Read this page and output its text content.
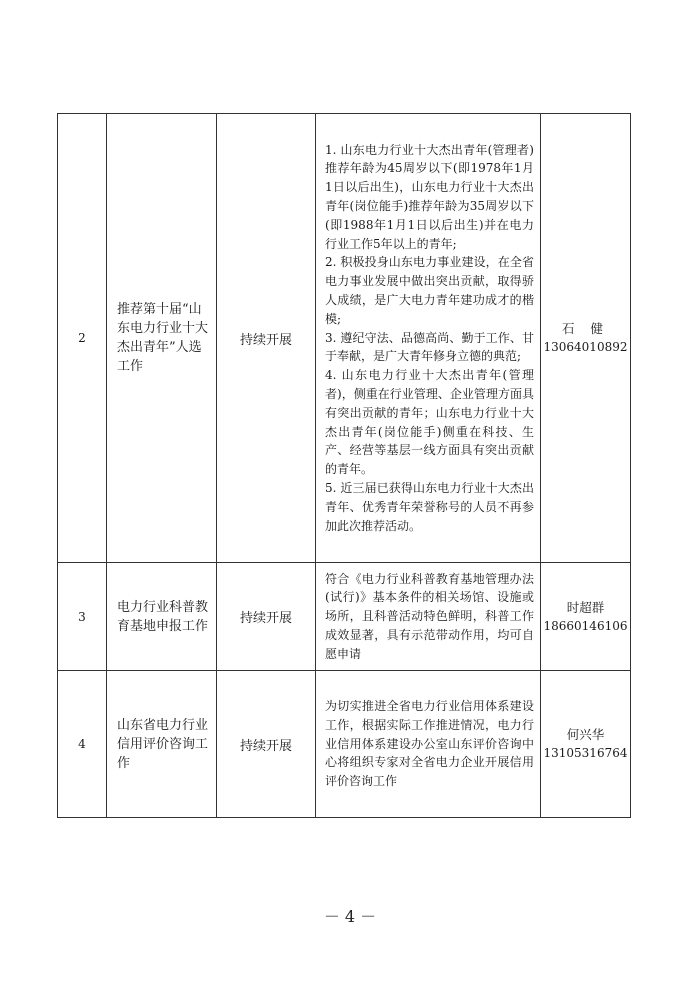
2	推荐第十届“山东电力行业十大杰出青年”人选工作	持续开展	1. 山东电力行业十大杰出青年(管理者)推荐年龄为45周岁以下(即1978年1月1日以后出生)，山东电力行业十大杰出青年(岗位能手)推荐年龄为35周岁以下(即1988年1月1日以后出生)并在电力行业工作5年以上的青年;
2. 积极投身山东电力事业建设，在全省电力事业发展中做出突出贡献，取得骄人成绩，是广大电力青年建功成才的楷模;
3. 遵纪守法、品德高尚、勤于工作、甘于奉献，是广大青年修身立德的典范;
4. 山东电力行业十大杰出青年(管理者)，侧重在行业管理、企业管理方面具有突出贡献的青年；山东电力行业十大杰出青年(岗位能手)侧重在科技、生产、经营等基层一线方面具有突出贡献的青年。
5. 近三届已获得山东电力行业十大杰出青年、优秀青年荣誉称号的人员不再参加此次推荐活动。	石 健
13064010892

3	电力行业科普教育基地申报工作	持续开展	符合《电力行业科普教育基地管理办法(试行)》基本条件的相关场馆、设施或场所，且科普活动特色鲜明，科普工作成效显著，具有示范带动作用，均可自愿申请	时超群
18660146106

4	山东省电力行业信用评价咨询工作	持续开展	为切实推进全省电力行业信用体系建设工作，根据实际工作推进情况，电力行业信用体系建设办公室山东评价咨询中心将组织专家对全省电力企业开展信用评价咨询工作	何兴华
13105316764
－ 4 －
